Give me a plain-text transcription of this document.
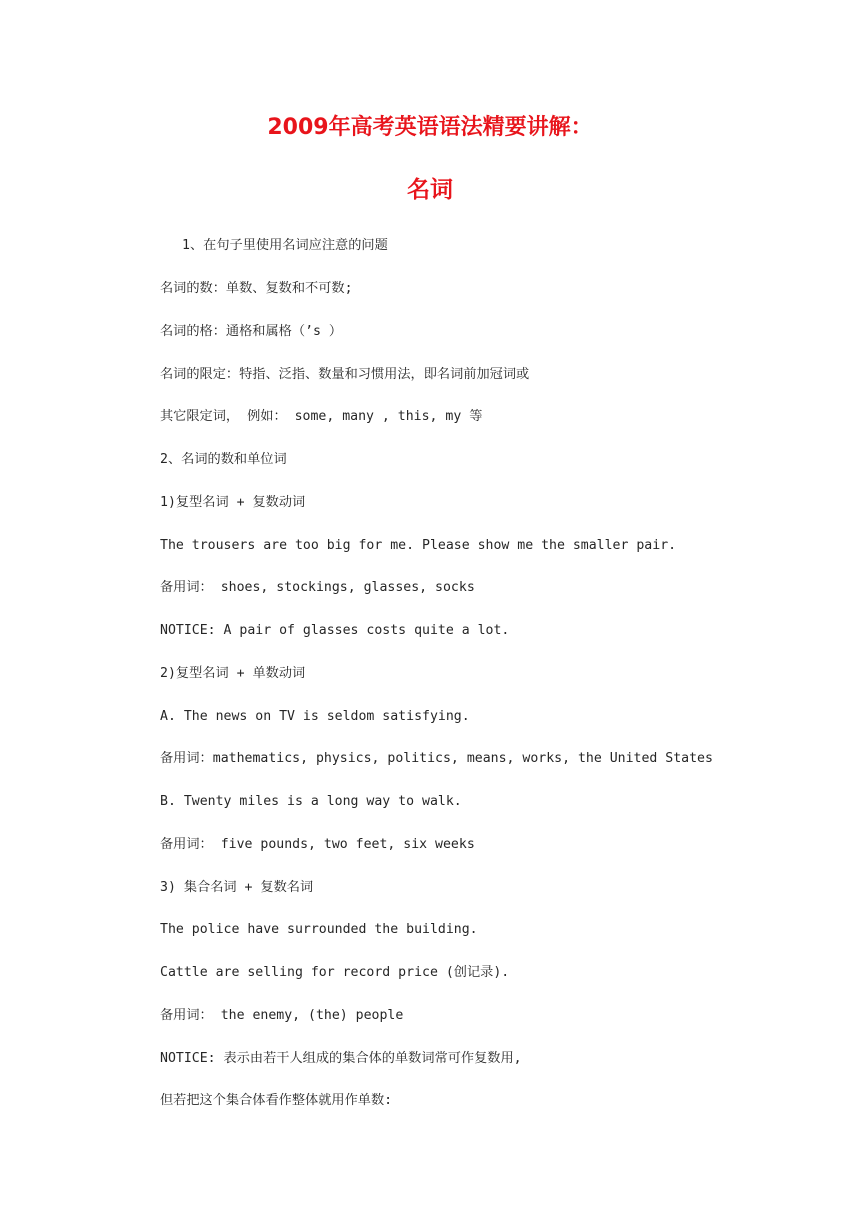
2009年高考英语语法精要讲解：
名词

1、在句子里使用名词应注意的问题

名词的数：单数、复数和不可数;

名词的格：通格和属格（’s ）

名词的限定：特指、泛指、数量和习惯用法，即名词前加冠词或

其它限定词， 例如： some, many , this, my 等

2、名词的数和单位词

1)复型名词 + 复数动词

The trousers are too big for me. Please show me the smaller pair.

备用词： shoes, stockings, glasses, socks

NOTICE: A pair of glasses costs quite a lot.

2)复型名词 + 单数动词

A. The news on TV is seldom satisfying.

备用词：mathematics, physics, politics, means, works, the United States

B. Twenty miles is a long way to walk.

备用词： five pounds, two feet, six weeks

3) 集合名词 + 复数名词

The police have surrounded the building.

Cattle are selling for record price (创记录).

备用词： the enemy, (the) people

NOTICE: 表示由若干人组成的集合体的单数词常可作复数用,

但若把这个集合体看作整体就用作单数:
